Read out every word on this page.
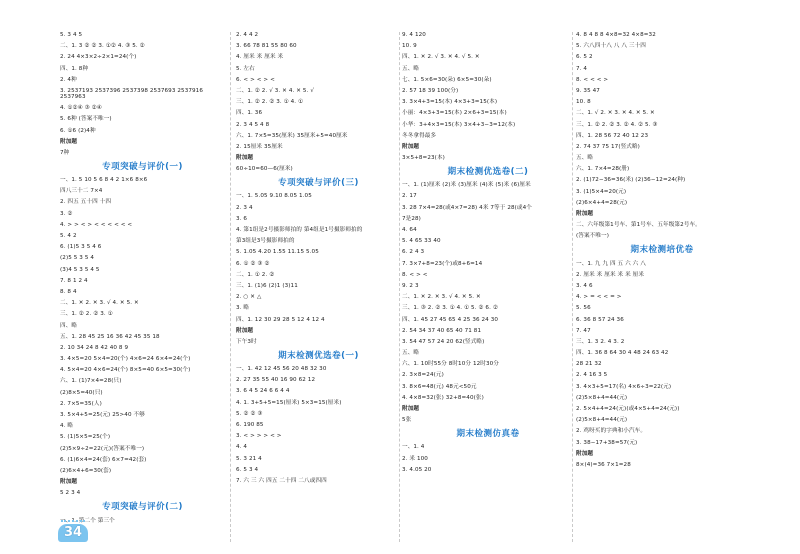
5. 3 4 5
二、1. 3 ② ② 3. ①② 4. ③ 5. ②
2. 24 4×3×2÷2×1=24(个)
四、1. 8种
2. 4种
3. 2537193 2537396 2537398 2537693 2537916
2537963
4. ①②④ ③ ②④
5. 6种 (答案不唯一)
6. ①6 (2)4种
附加题
7种
专项突破与评价(一)
一、1. 5 10 5 6 8 4 2 1×6 8×6
四八三十二 7×4
2. 四五 五十四 十四
3. ②
4. > > < > < < < < < <
5. 4 2
6. (1)5 3 5 4 6
(2)5 5 3 5 4
(3)4 5 3 5 4 5
7. 8 1 2 4
8. 8 4
二、1. ✕ 2. ✕ 3. √ 4. ✕ 5. ✕
三、1. ② 2. ② 3. ①
四、略
五、1. 28 45 25 16 36 42 45 35 18
2. 10 34 24 8 42 40 8 9
3. 4×5=20 5×4=20(个) 4×6=24 6×4=24(个)
4. 5×4=20 4×6=24(个) 8×5=40 6×5=30(个)
六、1. (1)7×4=28(只)
(2)8×5=40(只)
2. 7×5=35(人)
3. 5×4+5=25(元) 25>40 不够
4. 略
5. (1)5×5=25(个)
(2)5×9÷2=22(元)(答案不唯一)
6. (1)6×4=24(套) 6×7=42(套)
(2)6×4+6=30(套)
附加题
5 2 3 4
专项突破与评价(二)
一、1. 第二个 第三个
2. 4 4 2
3. 66 78 81 55 80 60
4. 厘米 米 厘米 米
5. 左右
6. < > < > <
二、1. ② 2. √ 3. ✕ 4. ✕ 5. √
三、1. ② 2. ② 3. ① 4. ①
四、1. 36
2. 3 4 5 4 8
六、1. 7×5=35(厘米) 35厘米+5=40厘米
2. 15厘米 35厘米
附加题
60÷10=60—6(厘米)
专项突破与评价(三)
一、1. 5.05 9.10 8.05 1.05
2. 3 4
3. 6
4. 第1组是2号摄影师拍的 第4组是1号摄影师拍的
第3组是3号摄影师拍的
5. 1.05 4.20 1.55 11.15 5.05
6. ① ② ③ ②
二、1. ① 2. ②
三、1. (1)6 (2)1 (3)11
2. ○ ✕ △
3. 略
四、1. 12 30 29 28 5 12 4 12 4
附加题
下午3时
期末检测优选卷(一)
一、1. 42 12 45 56 20 48 32 30
2. 27 35 55 40 16 90 62 12
3. 6 4 5 24 6 6 4 4
4. 1. 3+5+5=15(厘米) 5×3=15(厘米)
5. ② ② ③
6. 190 85
3. < > > > < >
4. 4
5. 3 21 4
6. 5 3 4
7. 六 三 六 四五 二十四 二八或四四
9. 4 120
10. 9
四、1. ✕ 2. √ 3. ✕ 4. √ 5. ✕
五、略
七、1. 5×6=30(朵) 6×5=30(朵)
2. 57 18 39 100(分)
3. 3×4+3=15(本) 4×3+3=15(本)
小丽：4×3+3=15(本) 2×6+3=15(本)
小华：3+4×3=15(本) 3×4+3−3=12(本)
冬冬拿得最多
附加题
3×5+8=23(本)
期末检测优选卷(二)
一、1. (1)厘米 (2)米 (3)厘米 (4)米 (5)米 (6)厘米
2. 17
3. 28 7×4=28(或4×7=28) 4米 7等于 28(或4个
7是28)
4. 64
5. 4 65 33 40
6. 2 4 3
7. 3×7+8=23(个)或8+6=14
8. < > <
9. 2 3
二、1. ✕ 2. ✕ 3. √ 4. ✕ 5. ✕
三、1. ③ 2. ② 3. ① 4. ① 5. ② 6. ②
四、1. 45 27 45 65 4 25 36 24 30
2. 54 34 37 40 65 40 71 81
3. 54 47 57 24 20 62(竖式略)
五、略
六、1. 10时55分 8时10分 12时30分
2. 3×8=24(元)
3. 8×6=48(元) 48元<50元
4. 4×8=32(张) 32+8=40(张)
附加题
5张
期末检测仿真卷
一、1. 4
2. 米 100
3. 4.05 20
4. 8 4 8 8 4×8=32 4×8=32
5. 六八四十八 八 八 三十四
6. 5 2
7. 4
8. < < < >
9. 35 47
10. 8
二、1. √ 2. ✕ 3. ✕ 4. ✕ 5. ✕
三、1. ② 2. ② 3. ② 4. ② 5. ③
四、1. 28 56 72 40 12 23
2. 74 37 75 17(竖式略)
五、略
六、1. 7×4=28(册)
2. (1)72−36=36(米) (2)36−12=24(种)
3. (1)5×4=20(元)
(2)6×4+4=28(元)
附加题
二、六年级第1号车、第1号车、五年级第2号车。
(答案不唯一)
期末检测培优卷
一、1. 九 九 四 五 六 六 八
2. 厘米 米 厘米 米 米 厘米
3. 4 6
4. > = < < = >
5. 56
6. 36 8 57 24 36
7. 47
三、1. 3 2. 4 3. 2
四、1. 36 8 64 30 4 48 24 63 42
28 21 32
2. 4 16 3 5
3. 4×3+5=17(名) 4×6÷3=22(元)
(2)5×8+4=44(元)
2. 5×4+4=24(元)(或4×5+4=24(元))
(2)5×8+4=44(元)
2. 鸡呀买的字典和小汽车。
3. 38−17+38=57(元)
附加题
8×(4)=36 7×1=28
34
